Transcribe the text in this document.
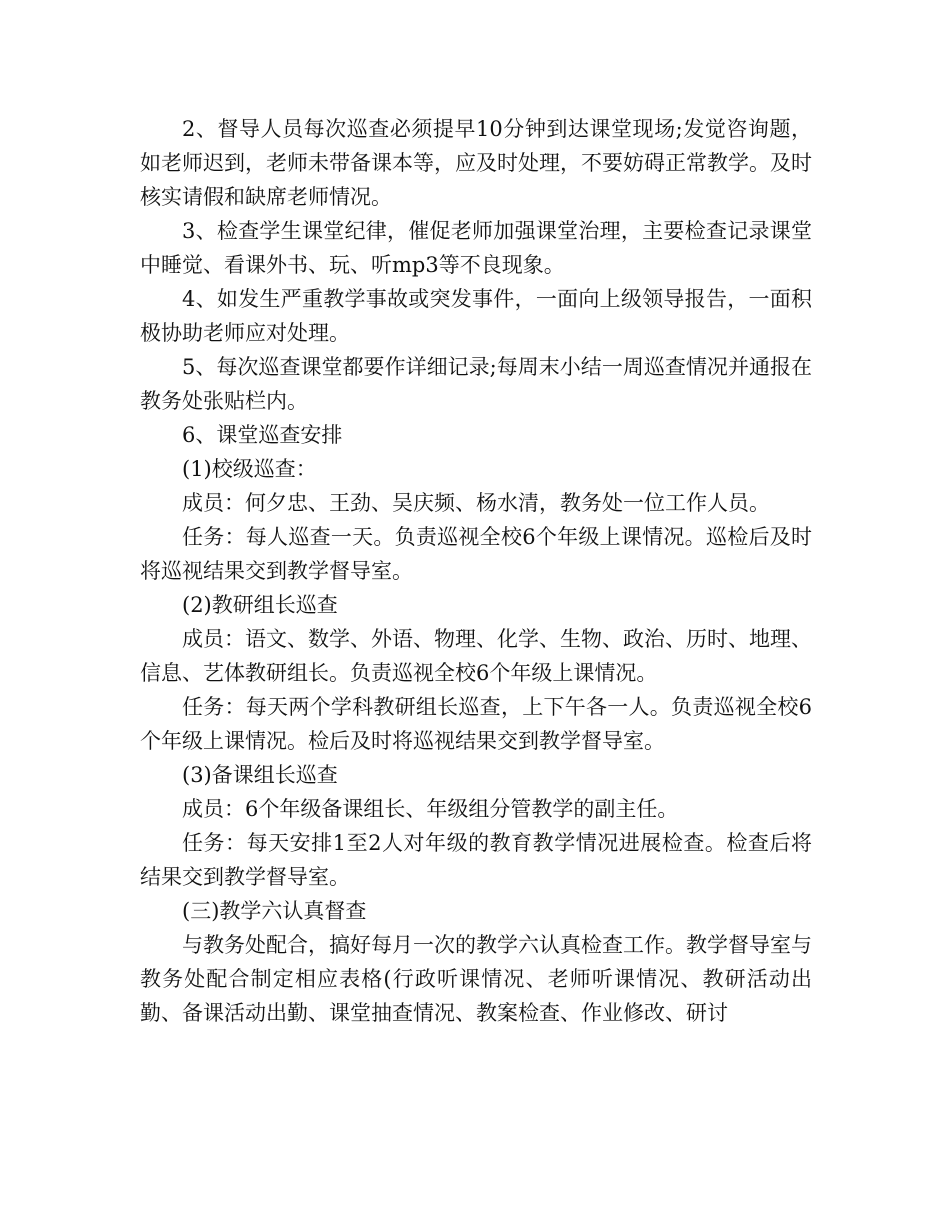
2、督导人员每次巡查必须提早10分钟到达课堂现场;发觉咨询题，如老师迟到，老师未带备课本等，应及时处理，不要妨碍正常教学。及时核实请假和缺席老师情况。

3、检查学生课堂纪律，催促老师加强课堂治理，主要检查记录课堂中睡觉、看课外书、玩、听mp3等不良现象。

4、如发生严重教学事故或突发事件，一面向上级领导报告，一面积极协助老师应对处理。

5、每次巡查课堂都要作详细记录;每周末小结一周巡查情况并通报在教务处张贴栏内。

6、课堂巡查安排

(1)校级巡查：

成员：何夕忠、王劲、吴庆频、杨水清，教务处一位工作人员。

任务：每人巡查一天。负责巡视全校6个年级上课情况。巡检后及时将巡视结果交到教学督导室。

(2)教研组长巡查

成员：语文、数学、外语、物理、化学、生物、政治、历时、地理、信息、艺体教研组长。负责巡视全校6个年级上课情况。

任务：每天两个学科教研组长巡查，上下午各一人。负责巡视全校6个年级上课情况。检后及时将巡视结果交到教学督导室。

(3)备课组长巡查

成员：6个年级备课组长、年级组分管教学的副主任。

任务：每天安排1至2人对年级的教育教学情况进展检查。检查后将结果交到教学督导室。

(三)教学六认真督查

与教务处配合，搞好每月一次的教学六认真检查工作。教学督导室与教务处配合制定相应表格(行政听课情况、老师听课情况、教研活动出勤、备课活动出勤、课堂抽查情况、教案检查、作业修改、研讨
